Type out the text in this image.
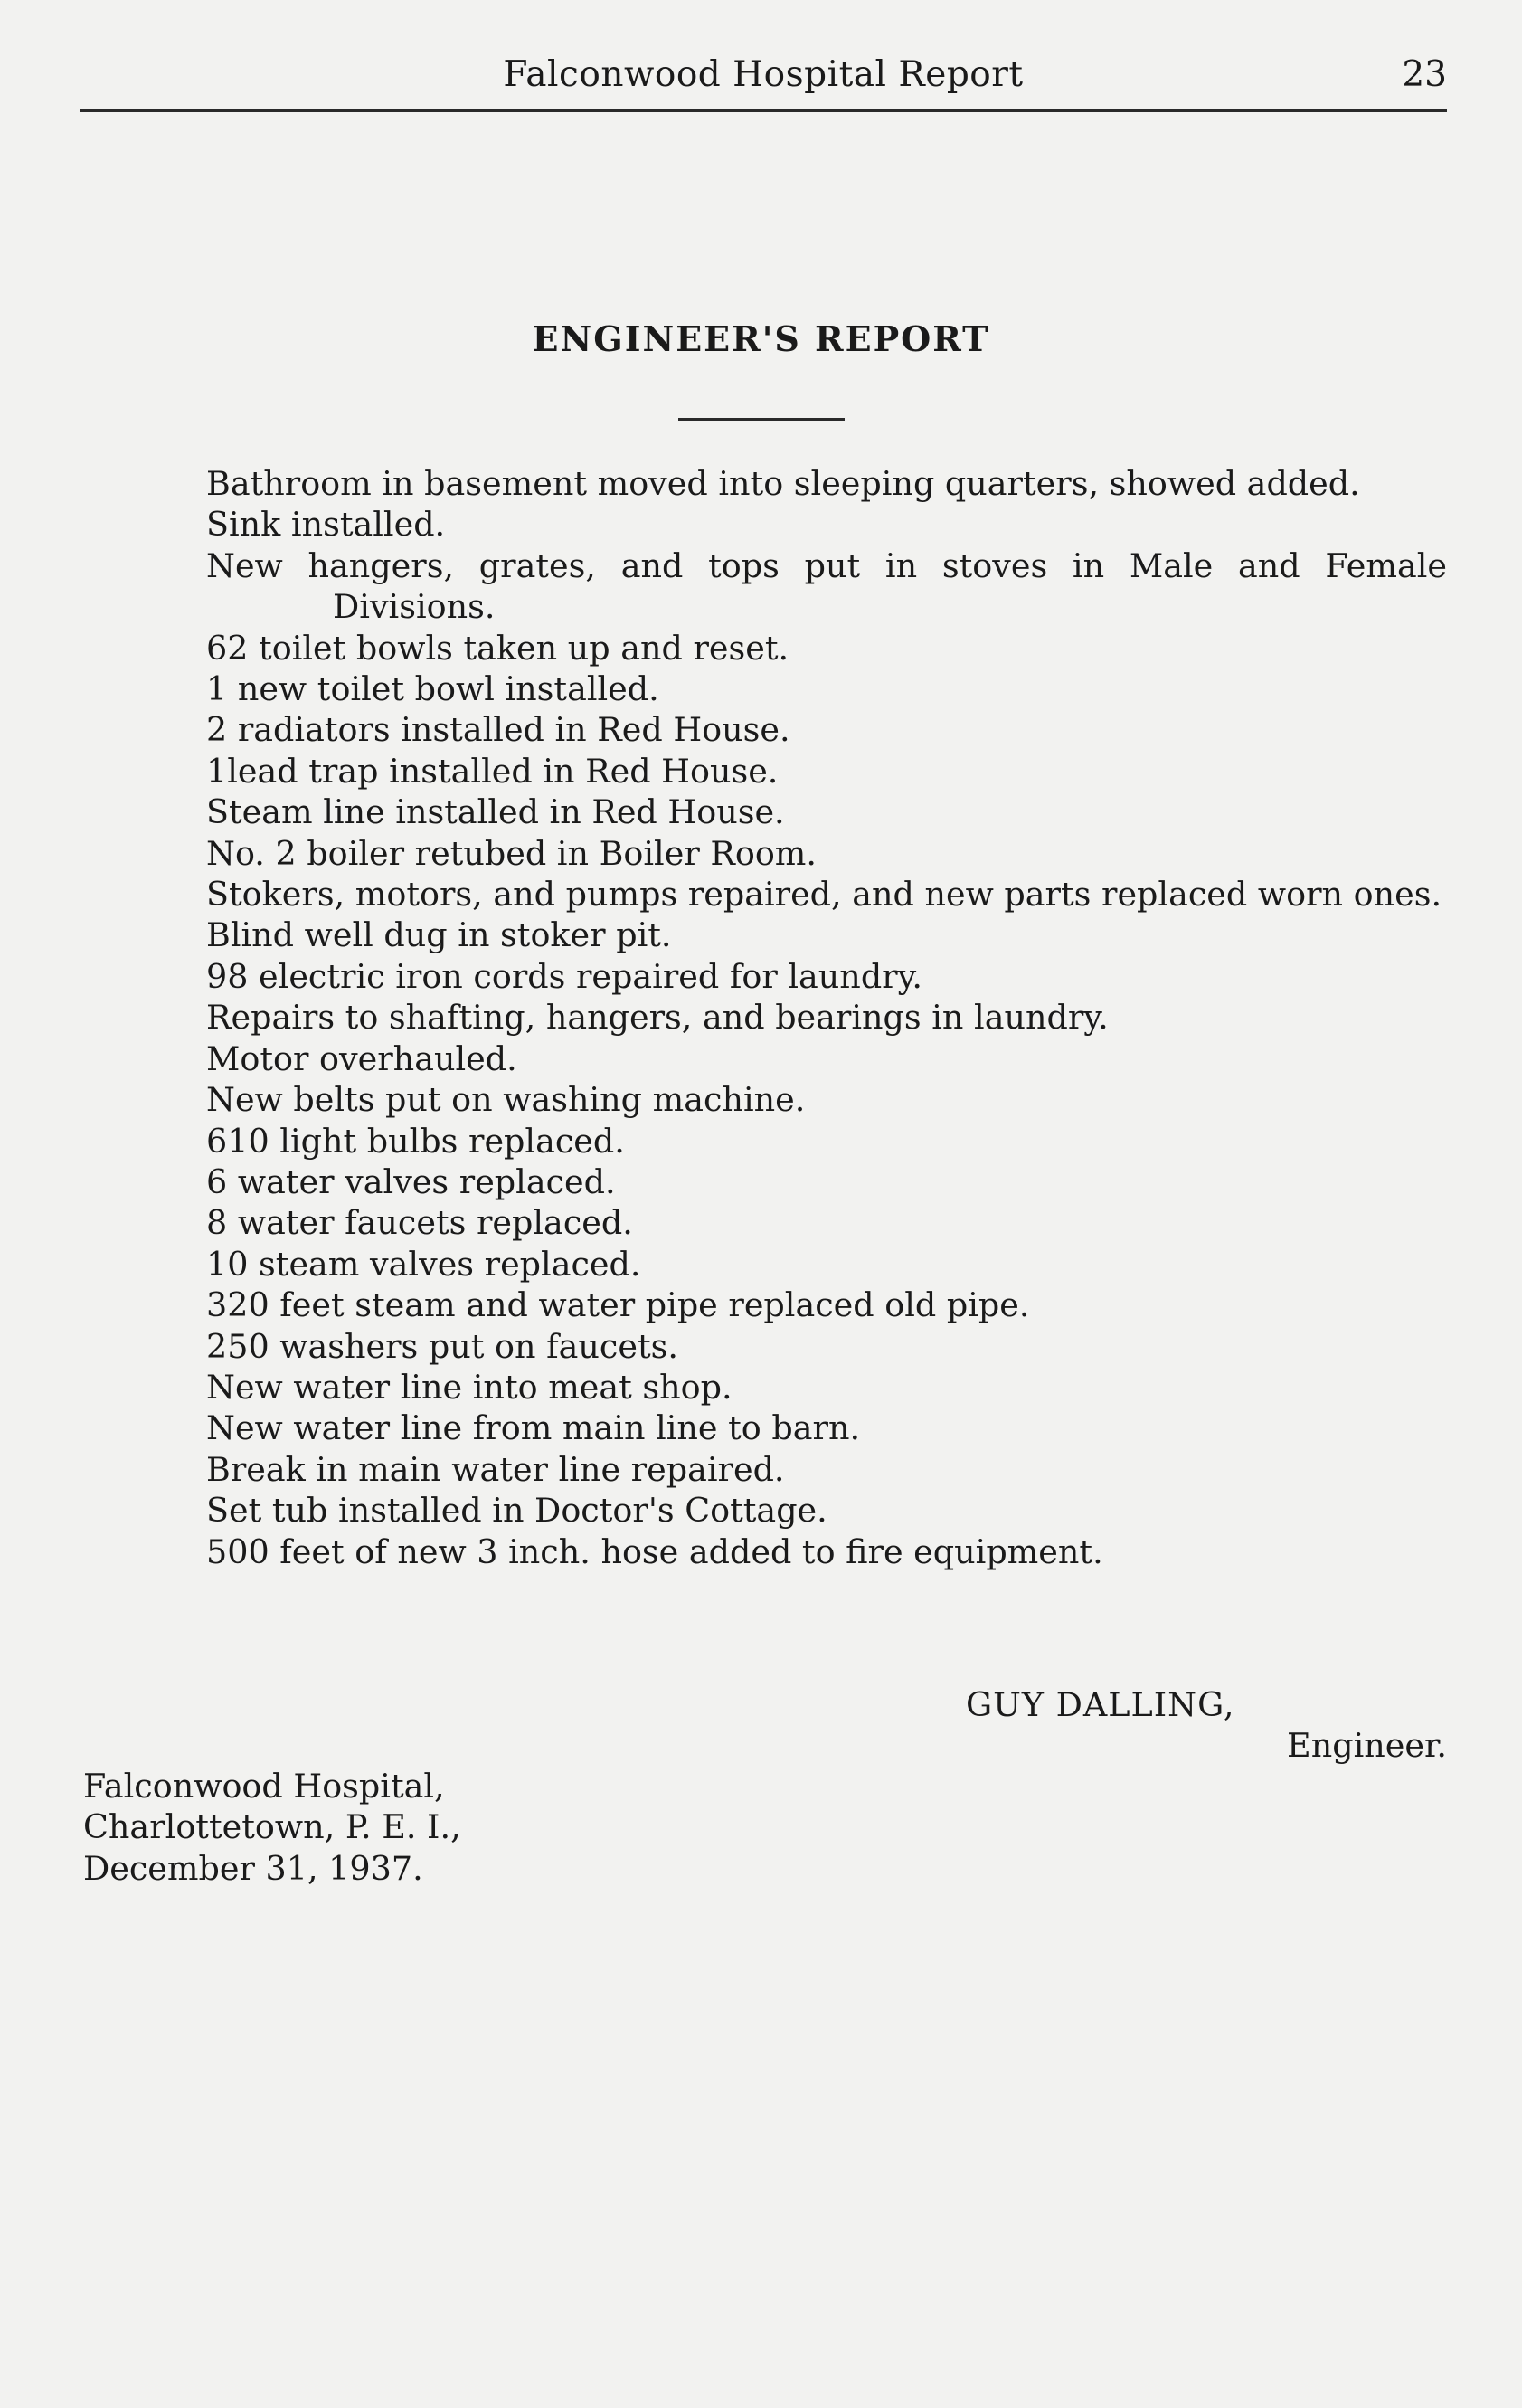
Falconwood Hospital Report	23
ENGINEER'S REPORT
Bathroom in basement moved into sleeping quarters, showed added.
Sink installed.
New hangers, grates, and tops put in stoves in Male and Female Divisions.
62 toilet bowls taken up and reset.
1 new toilet bowl installed.
2 radiators installed in Red House.
1lead trap installed in Red House.
Steam line installed in Red House.
No. 2 boiler retubed in Boiler Room.
Stokers, motors, and pumps repaired, and new parts replaced worn ones.
Blind well dug in stoker pit.
98 electric iron cords repaired for laundry.
Repairs to shafting, hangers, and bearings in laundry.
Motor overhauled.
New belts put on washing machine.
610 light bulbs replaced.
6 water valves replaced.
8 water faucets replaced.
10 steam valves replaced.
320 feet steam and water pipe replaced old pipe.
250 washers put on faucets.
New water line into meat shop.
New water line from main line to barn.
Break in main water line repaired.
Set tub installed in Doctor's Cottage.
500 feet of new 3 inch. hose added to fire equipment.
GUY DALLING,
Engineer.
Falconwood Hospital,
Charlottetown, P. E. I.,
December 31, 1937.
